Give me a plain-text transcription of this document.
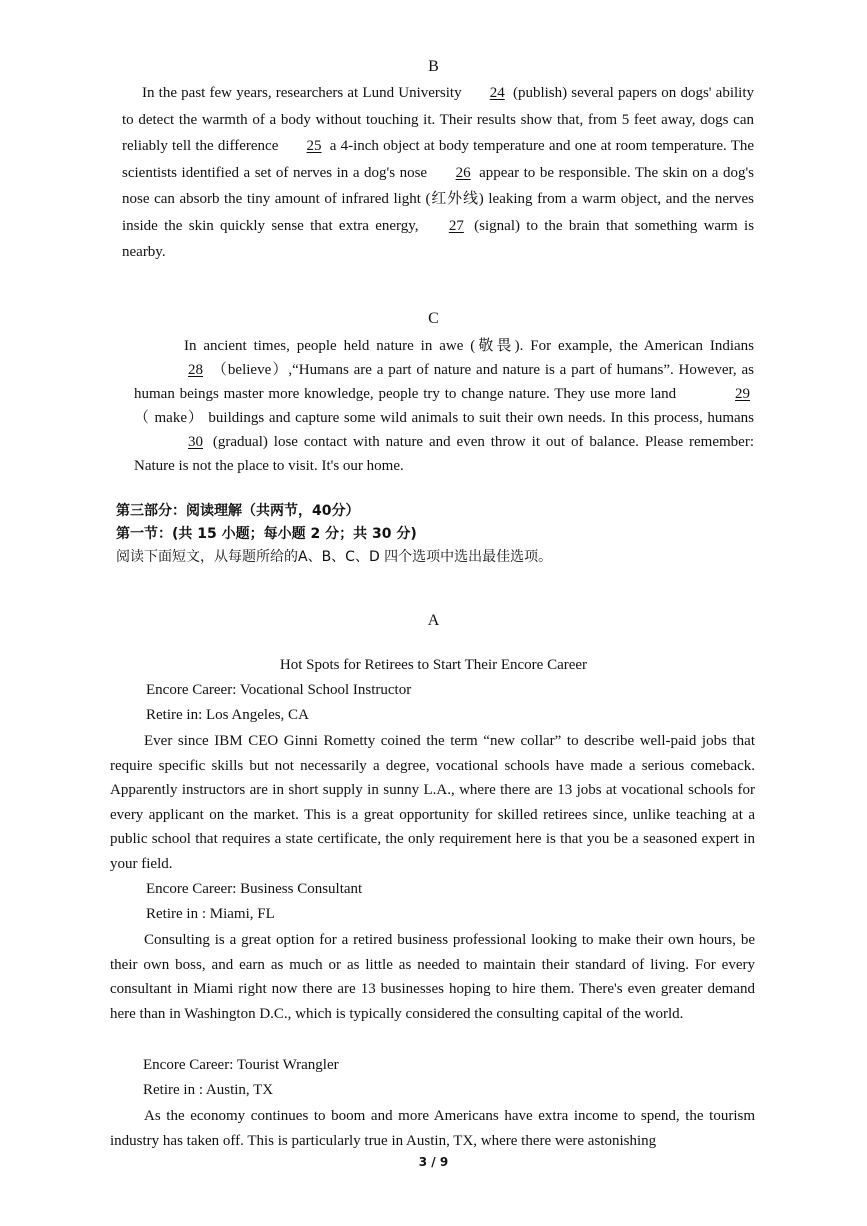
B

In the past few years, researchers at Lund University 24 (publish) several papers on dogs' ability to detect the warmth of a body without touching it. Their results show that, from 5 feet away, dogs can reliably tell the difference 25 a 4-inch object at body temperature and one at room temperature. The scientists identified a set of nerves in a dog's nose 26 appear to be responsible. The skin on a dog's nose can absorb the tiny amount of infrared light (红外线) leaking from a warm object, and the nerves inside the skin quickly sense that extra energy, 27 (signal) to the brain that something warm is nearby.

C

In ancient times, people held nature in awe (敬畏). For example, the American Indians 28 （believe）,“Humans are a part of nature and nature is a part of humans”. However, as human beings master more knowledge, people try to change nature. They use more land	29 （ make） buildings and capture some wild animals to suit their own needs. In this process, humans 30 (gradual) lose contact with nature and even throw it out of balance. Please remember: Nature is not the place to visit. It's our home.

第三部分：阅读理解（共两节，40分）
第一节：(共 15 小题；每小题 2 分；共 30 分)
阅读下面短文，从每题所给的A、B、C、D 四个选项中选出最佳选项。
A
Hot Spots for Retirees to Start Their Encore Career
Encore Career: Vocational School Instructor
Retire in: Los Angeles, CA

Ever since IBM CEO Ginni Rometty coined the term “new collar” to describe well-paid jobs that require specific skills but not necessarily a degree, vocational schools have made a serious comeback. Apparently instructors are in short supply in sunny L.A., where there are 13 jobs at vocational schools for every applicant on the market. This is a great opportunity for skilled retirees since, unlike teaching at a public school that requires a state certificate, the only requirement here is that you be a seasoned expert in your field.

Encore Career: Business Consultant
Retire in : Miami, FL

Consulting is a great option for a retired business professional looking to make their own hours, be their own boss, and earn as much or as little as needed to maintain their standard of living. For every consultant in Miami right now there are 13 businesses hoping to hire them. There's even greater demand here than in Washington D.C., which is typically considered the consulting capital of the world.

Encore Career: Tourist Wrangler
Retire in : Austin, TX

As the economy continues to boom and more Americans have extra income to spend, the tourism industry has taken off. This is particularly true in Austin, TX, where there were astonishing

3 / 9
